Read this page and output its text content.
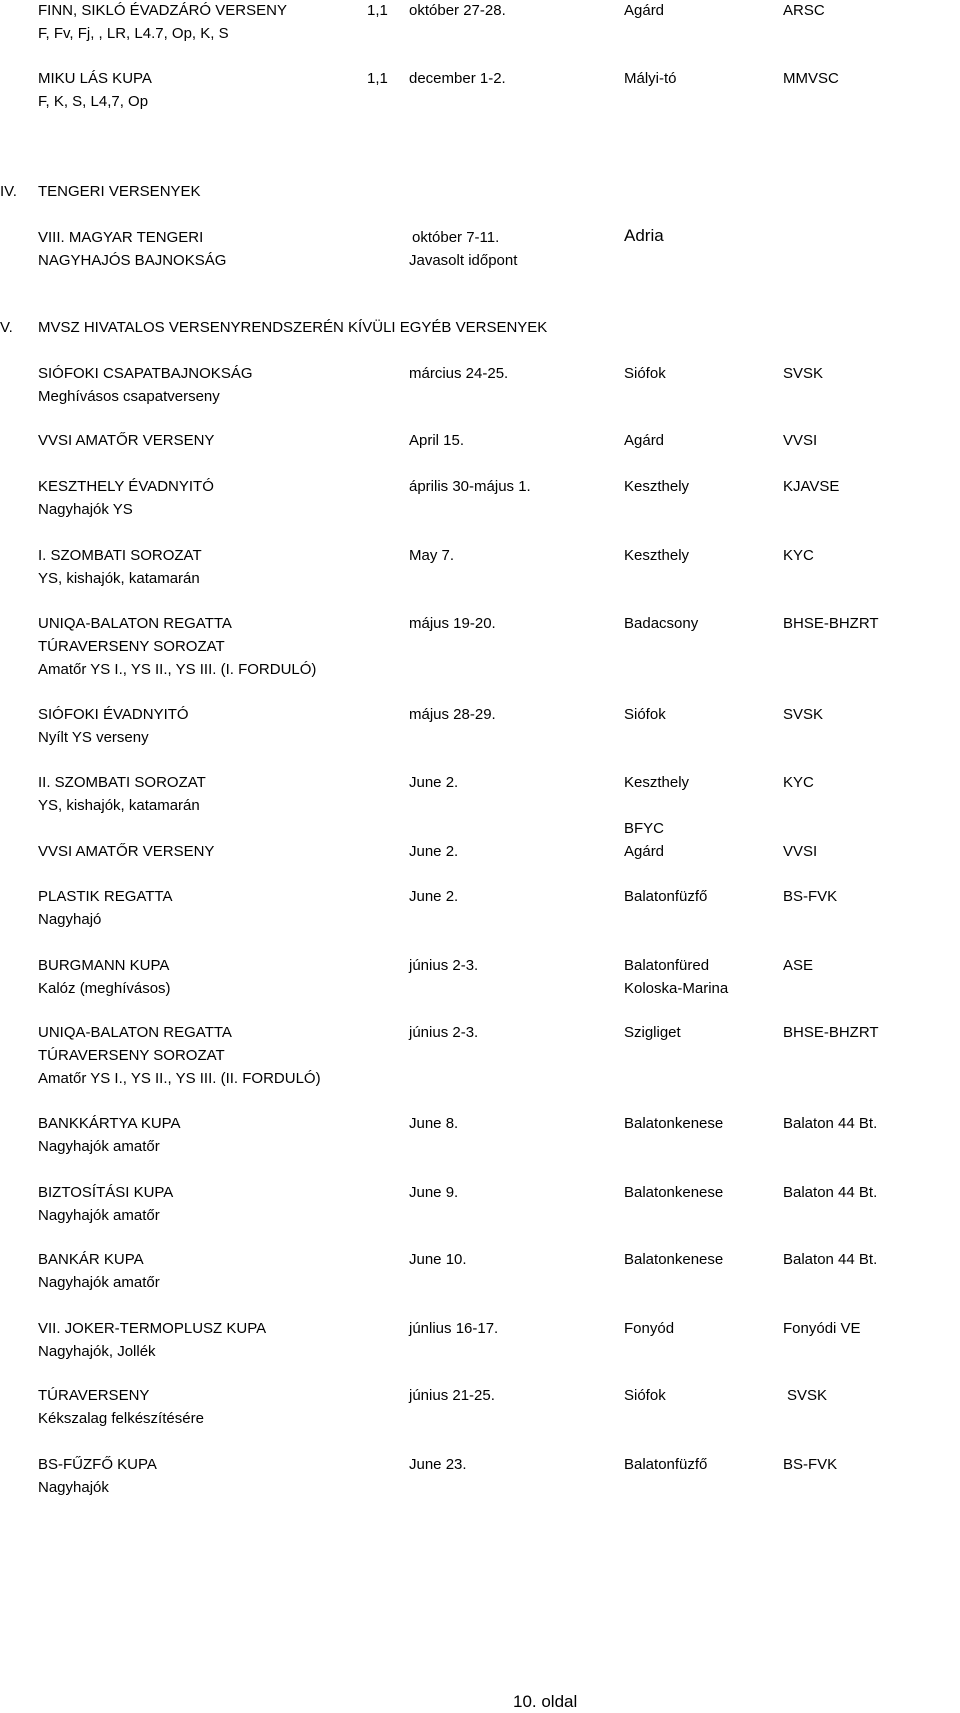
FINN, SIKLÓ ÉVADZÁRÓ VERSENY	1,1 október 27-28.	Agárd	ARSC
F, Fv, Fj, , LR, L4.7, Op, K, S
MIKU LÁS KUPA	1,1 december 1-2.	Mályi-tó	MMVSC
F, K, S, L4,7, Op
IV. TENGERI VERSENYEK
VIII. MAGYAR TENGERI	október 7-11.	Adria
NAGYHAJÓS BAJNOKSÁG	Javasolt időpont
V. MVSZ HIVATALOS VERSENYRENDSZERÉN KÍVÜLI EGYÉB VERSENYEK
SIÓFOKI CSAPATBAJNOKSÁG	március 24-25.	Siófok	SVSK
Meghívásos csapatverseny
VVSI AMATŐR VERSENY	April 15.	Agárd	VVSI
KESZTHELY ÉVADNYITÓ	április 30-május 1.	Keszthely	KJAVSE
Nagyhajók YS
I. SZOMBATI SOROZAT	May 7.	Keszthely	KYC
YS, kishajók, katamarán
UNIQA-BALATON REGATTA	május 19-20.	Badacsony	BHSE-BHZRT
TÚRAVERSENY SOROZAT
Amatőr YS I., YS II., YS III. (I. FORDULÓ)
SIÓFOKI ÉVADNYITÓ	május 28-29.	Siófok	SVSK
Nyílt YS verseny
II. SZOMBATI SOROZAT	June 2.	Keszthely	KYC
YS, kishajók, katamarán
BFYC
VVSI AMATŐR VERSENY	June 2.	Agárd	VVSI
PLASTIK REGATTA	June 2.	Balatonfüzfő	BS-FVK
Nagyhajó
BURGMANN KUPA	június 2-3.	Balatonfüred	ASE
Kalóz (meghívásos)	Koloska-Marina
UNIQA-BALATON REGATTA	június 2-3.	Szigliget	BHSE-BHZRT
TÚRAVERSENY SOROZAT
Amatőr YS I., YS II., YS III. (II. FORDULÓ)
BANKKÁRTYA KUPA	June 8.	Balatonkenese	Balaton 44 Bt.
Nagyhajók amatőr
BIZTOSÍTÁSI KUPA	June 9.	Balatonkenese	Balaton 44 Bt.
Nagyhajók amatőr
BANKÁR KUPA	June 10.	Balatonkenese	Balaton 44 Bt.
Nagyhajók amatőr
VII. JOKER-TERMOPLUSZ KUPA	júnlius 16-17.	Fonyód	Fonyódi VE
Nagyhajók, Jollék
TÚRAVERSENY	június 21-25.	Siófok	SVSK
Kékszalag felkészítésére
BS-FŰZFŐ KUPA	June 23.	Balatonfüzfő	BS-FVK
Nagyhajók
10. oldal
